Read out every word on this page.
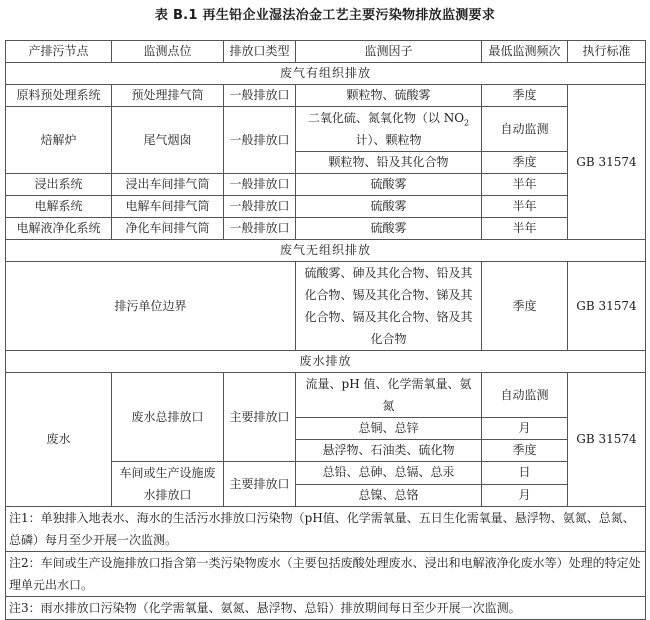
表 B.1 再生铅企业湿法冶金工艺主要污染物排放监测要求
产排污节点	监测点位	排放口类型	监测因子	最低监测频次	执行标准
废气有组织排放					
原料预处理系统	预处理排气筒	一般排放口	颗粒物、硫酸雾	季度	GB 31574
焙解炉	尾气烟囱	一般排放口	二氧化硫、氮氧化物（以 $NO_2$计）、颗粒物	自动监测	
			颗粒物、铅及其化合物	季度	
浸出系统	浸出车间排气筒	一般排放口	硫酸雾	半年	
电解系统	电解车间排气筒	一般排放口	硫酸雾	半年	
电解液净化系统	净化车间排气筒	一般排放口	硫酸雾	半年	
废气无组织排放					
排污单位边界			硫酸雾、砷及其化合物、铅及其化合物、锡及其化合物、锑及其化合物、镉及其化合物、铬及其化合物	季度	GB 31574
废水排放					
废水	废水总排放口	主要排放口	流量、pH 值、化学需氧量、氨氮	自动监测	GB 31574
			总铜、总锌	月	
			悬浮物、石油类、硫化物	季度	
	车间或生产设施废水排放口	主要排放口	总铅、总砷、总镉、总汞	日	
			总镍、总铬	月	
注1：单独排入地表水、海水的生活污水排放口污染物（pH值、化学需氧量、五日生化需氧量、悬浮物、氨氮、总氮、总磷）每月至少开展一次监测。					
注2：车间或生产设施排放口指含第一类污染物废水（主要包括废酸处理废水、浸出和电解液净化废水等）处理的特定处理单元出水口。					
注3：雨水排放口污染物（化学需氧量、氨氮、悬浮物、总铅）排放期间每日至少开展一次监测。					
